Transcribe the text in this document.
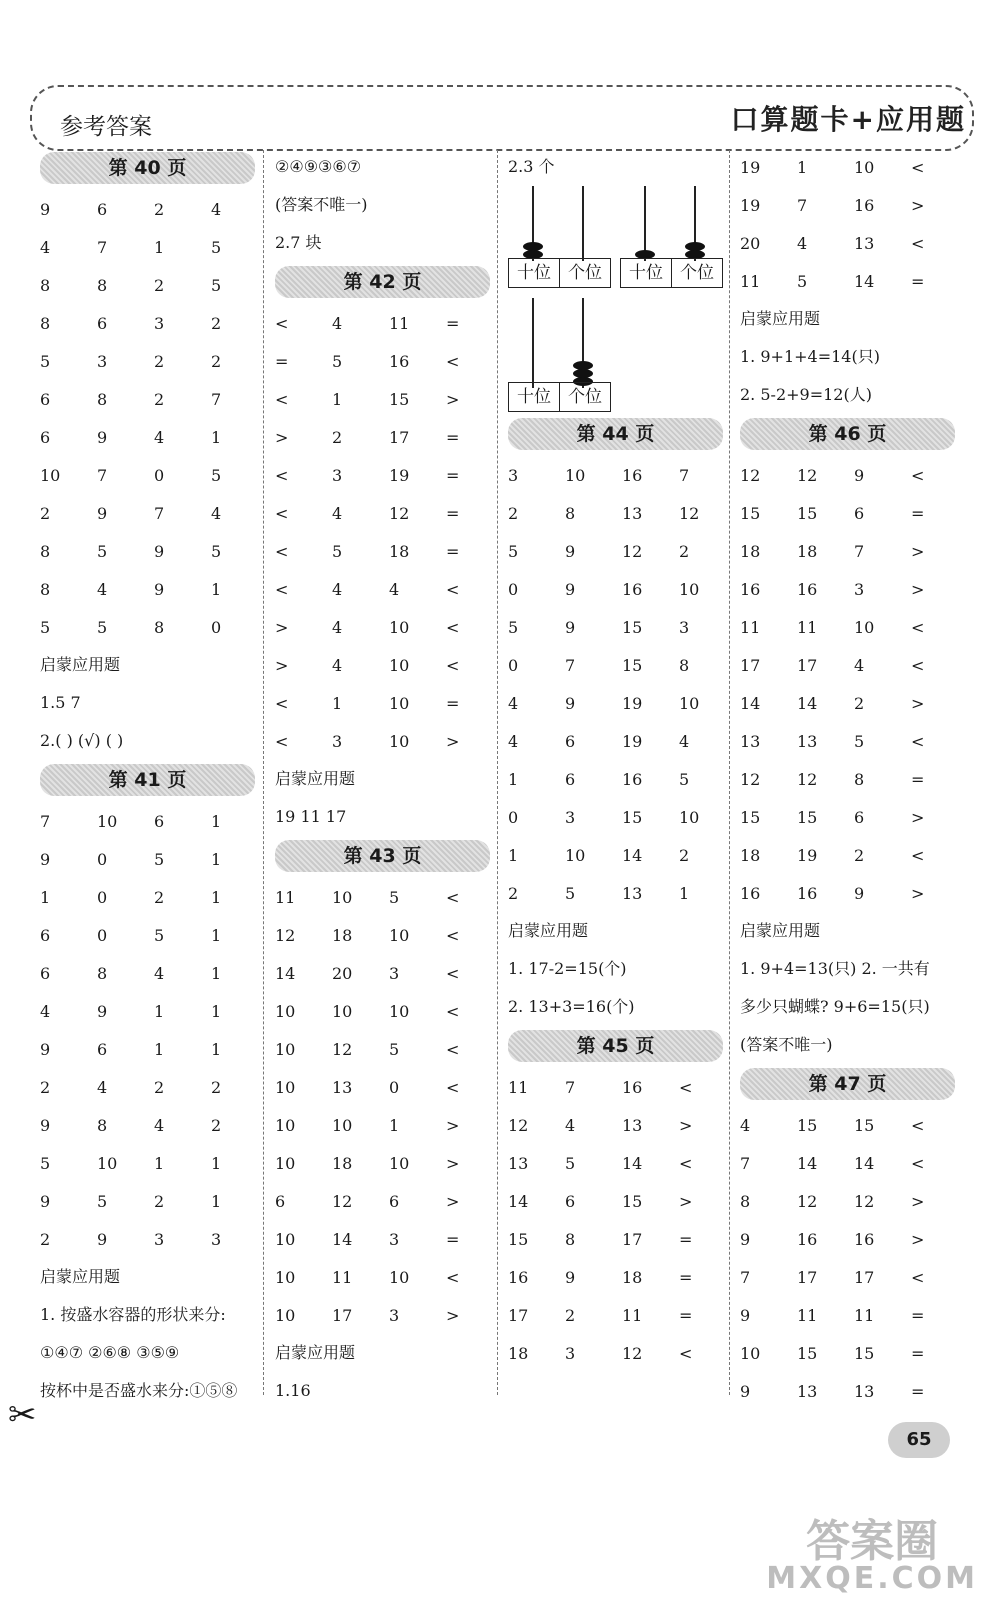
参考答案	口算题卡+应用题
第 40 页
9	6	2	4
4	7	1	5
8	8	2	5
8	6	3	2
5	3	2	2
6	8	2	7
6	9	4	1
10	7	0	5
2	9	7	4
8	5	9	5
8	4	9	1
5	5	8	0
启蒙应用题
1.5 7
2.( ) (√) ( )
第 41 页
7	10	6	1
9	0	5	1
1	0	2	1
6	0	5	1
6	8	4	1
4	9	1	1
9	6	1	1
2	4	2	2
9	8	4	2
5	10	1	1
9	5	2	1
2	9	3	3
启蒙应用题
1. 按盛水容器的形状来分:
①④⑦ ②⑥⑧ ③⑤⑨
按杯中是否盛水来分:①⑤⑧
②④⑨③⑥⑦
(答案不唯一)
2.7 块
第 42 页
<	4	11	=
=	5	16	<
<	1	15	>
>	2	17	=
<	3	19	=
<	4	12	=
<	5	18	=
<	4	4	<
>	4	10	<
>	4	10	<
<	1	10	=
<	3	10	>
启蒙应用题
19 11 17
第 43 页
11	10	5	<
12	18	10	<
14	20	3	<
10	10	10	<
10	12	5	<
10	13	0	<
10	10	1	>
10	18	10	>
6	12	6	>
10	14	3	=
10	11	10	<
10	17	3	>
启蒙应用题
1.16
2.3 个
十位	个位	十位	个位
十位	个位
第 44 页
3	10	16	7
2	8	13	12
5	9	12	2
0	9	16	10
5	9	15	3
0	7	15	8
4	9	19	10
4	6	19	4
1	6	16	5
0	3	15	10
1	10	14	2
2	5	13	1
启蒙应用题
1. 17-2=15(个)
2. 13+3=16(个)
第 45 页
11	7	16	<
12	4	13	>
13	5	14	<
14	6	15	>
15	8	17	=
16	9	18	=
17	2	11	=
18	3	12	<
19	1	10	<
19	7	16	>
20	4	13	<
11	5	14	=
启蒙应用题
1. 9+1+4=14(只)
2. 5-2+9=12(人)
第 46 页
12	12	9	<
15	15	6	=
18	18	7	>
16	16	3	>
11	11	10	<
17	17	4	<
14	14	2	>
13	13	5	<
12	12	8	=
15	15	6	>
18	19	2	<
16	16	9	>
启蒙应用题
1. 9+4=13(只) 2. 一共有
多少只蝴蝶? 9+6=15(只)
(答案不唯一)
第 47 页
4	15	15	<
7	14	14	<
8	12	12	>
9	16	16	>
7	17	17	<
9	11	11	=
10	15	15	=
9	13	13	=
✂
65
答案圈
MXQE.COM
